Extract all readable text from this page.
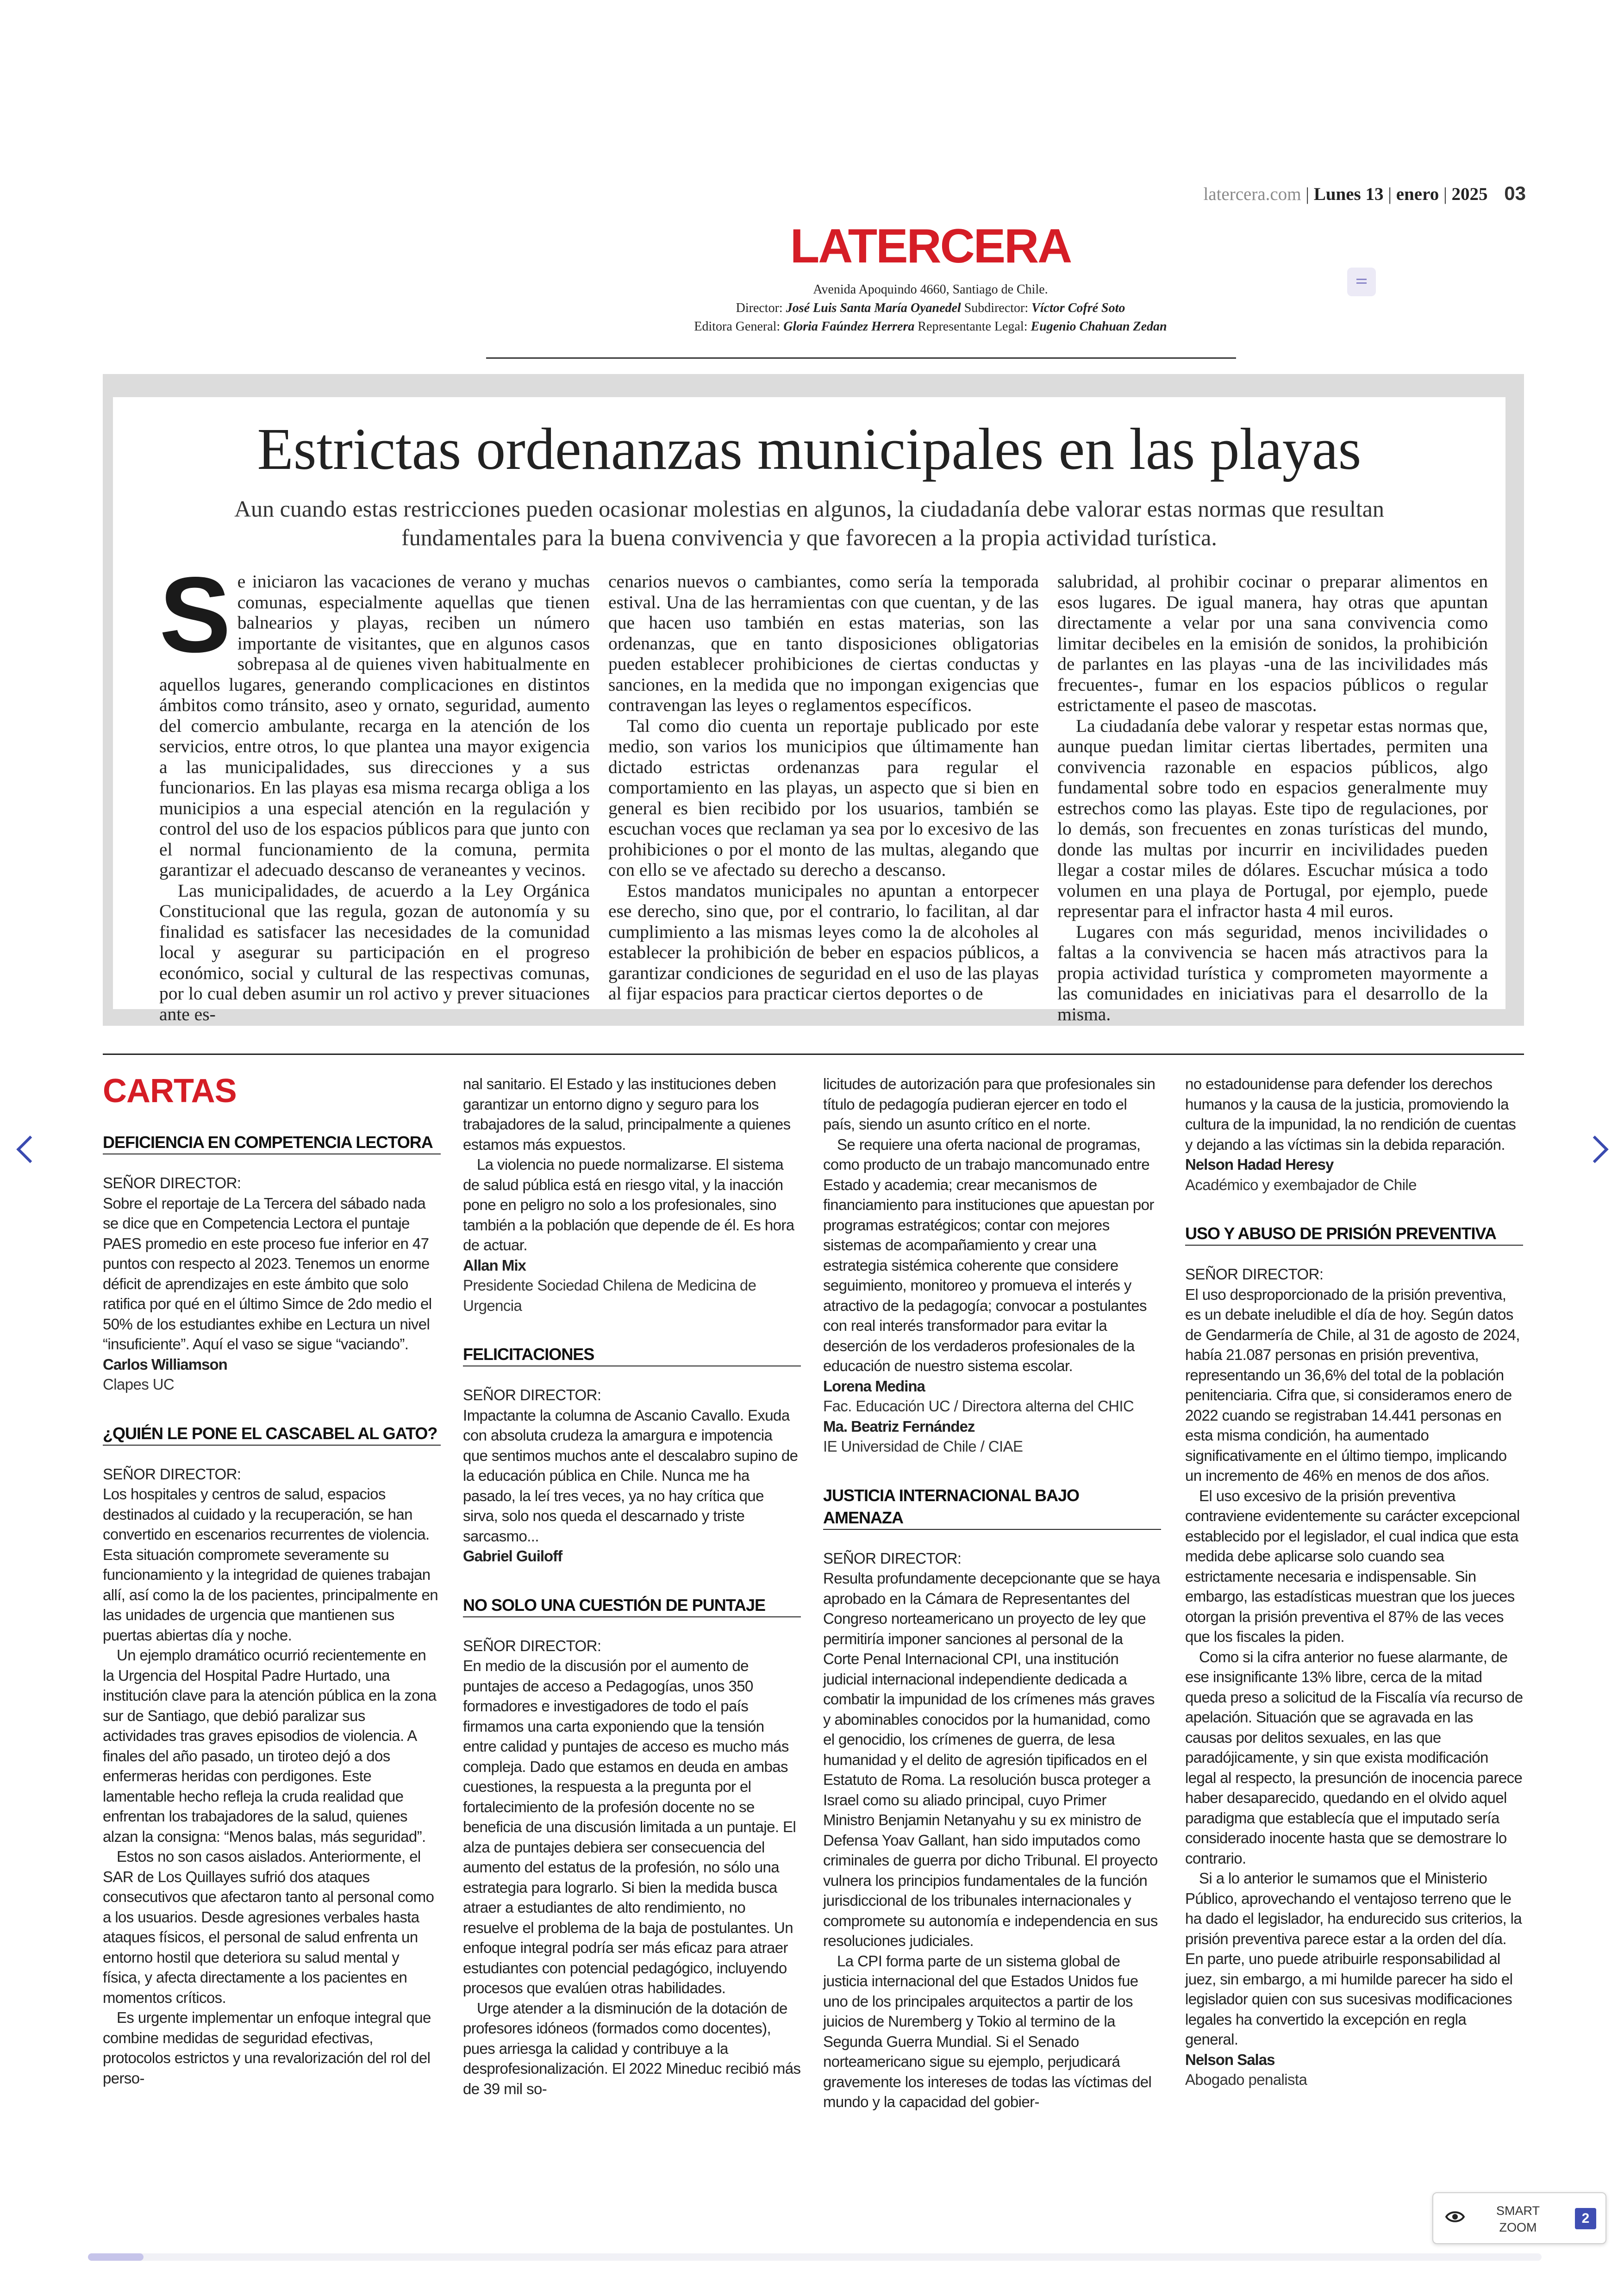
latercera.com | Lunes 13 | enero | 2025 03
LATERCERA
Avenida Apoquindo 4660, Santiago de Chile.
Director: José Luis Santa María Oyanedel Subdirector: Víctor Cofré Soto
Editora General: Gloria Faúndez Herrera Representante Legal: Eugenio Chahuan Zedan
Estrictas ordenanzas municipales en las playas
Aun cuando estas restricciones pueden ocasionar molestias en algunos, la ciudadanía debe valorar estas normas que resultan fundamentales para la buena convivencia y que favorecen a la propia actividad turística.
S e iniciaron las vacaciones de verano y muchas comunas, especialmente aquellas que tienen balnearios y playas, reciben un número importante de visitantes, que en algunos casos sobrepasa al de quienes viven habitualmente en aquellos lugares, generando complicaciones en distintos ámbitos como tránsito, aseo y ornato, seguridad, aumento del comercio ambulante, recarga en la atención de los servicios, entre otros, lo que plantea una mayor exigencia a las municipalidades, sus direcciones y a sus funcionarios. En las playas esa misma recarga obliga a los municipios a una especial atención en la regulación y control del uso de los espacios públicos para que junto con el normal funcionamiento de la comuna, permita garantizar el adecuado descanso de veraneantes y vecinos.

Las municipalidades, de acuerdo a la Ley Orgánica Constitucional que las regula, gozan de autonomía y su finalidad es satisfacer las necesidades de la comunidad local y asegurar su participación en el progreso económico, social y cultural de las respectivas comunas, por lo cual deben asumir un rol activo y prever situaciones ante es-

cenarios nuevos o cambiantes, como sería la temporada estival. Una de las herramientas con que cuentan, y de las que hacen uso también en estas materias, son las ordenanzas, que en tanto disposiciones obligatorias pueden establecer prohibiciones de ciertas conductas y sanciones, en la medida que no impongan exigencias que contravengan las leyes o reglamentos específicos.

Tal como dio cuenta un reportaje publicado por este medio, son varios los municipios que últimamente han dictado estrictas ordenanzas para regular el comportamiento en las playas, un aspecto que si bien en general es bien recibido por los usuarios, también se escuchan voces que reclaman ya sea por lo excesivo de las prohibiciones o por el monto de las multas, alegando que con ello se ve afectado su derecho a descanso.

Estos mandatos municipales no apuntan a entorpecer ese derecho, sino que, por el contrario, lo facilitan, al dar cumplimiento a las mismas leyes como la de alcoholes al establecer la prohibición de beber en espacios públicos, a garantizar condiciones de seguridad en el uso de las playas al fijar espacios para practicar ciertos deportes o de

salubridad, al prohibir cocinar o preparar alimentos en esos lugares. De igual manera, hay otras que apuntan directamente a velar por una sana convivencia como limitar decibeles en la emisión de sonidos, la prohibición de parlantes en las playas -una de las incivilidades más frecuentes-, fumar en los espacios públicos o regular estrictamente el paseo de mascotas.

La ciudadanía debe valorar y respetar estas normas que, aunque puedan limitar ciertas libertades, permiten una convivencia razonable en espacios públicos, algo fundamental sobre todo en espacios generalmente muy estrechos como las playas. Este tipo de regulaciones, por lo demás, son frecuentes en zonas turísticas del mundo, donde las multas por incurrir en incivilidades pueden llegar a costar miles de dólares. Escuchar música a todo volumen en una playa de Portugal, por ejemplo, puede representar para el infractor hasta 4 mil euros.

Lugares con más seguridad, menos incivilidades o faltas a la convivencia se hacen más atractivos para la propia actividad turística y comprometen mayormente a las comunidades en iniciativas para el desarrollo de la misma.

CARTAS
DEFICIENCIA EN COMPETENCIA LECTORA

SEÑOR DIRECTOR:

Sobre el reportaje de La Tercera del sábado nada se dice que en Competencia Lectora el puntaje PAES promedio en este proceso fue inferior en 47 puntos con respecto al 2023. Tenemos un enorme déficit de aprendizajes en este ámbito que solo ratifica por qué en el último Simce de 2do medio el 50% de los estudiantes exhibe en Lectura un nivel “insuficiente”. Aquí el vaso se sigue “vaciando”.

Carlos Williamson

Clapes UC

¿QUIÉN LE PONE EL CASCABEL AL GATO?

SEÑOR DIRECTOR:

Los hospitales y centros de salud, espacios destinados al cuidado y la recuperación, se han convertido en escenarios recurrentes de violencia. Esta situación compromete severamente su funcionamiento y la integridad de quienes trabajan allí, así como la de los pacientes, principalmente en las unidades de urgencia que mantienen sus puertas abiertas día y noche.

Un ejemplo dramático ocurrió recientemente en la Urgencia del Hospital Padre Hurtado, una institución clave para la atención pública en la zona sur de Santiago, que debió paralizar sus actividades tras graves episodios de violencia. A finales del año pasado, un tiroteo dejó a dos enfermeras heridas con perdigones. Este lamentable hecho refleja la cruda realidad que enfrentan los trabajadores de la salud, quienes alzan la consigna: “Menos balas, más seguridad”.

Estos no son casos aislados. Anteriormente, el SAR de Los Quillayes sufrió dos ataques consecutivos que afectaron tanto al personal como a los usuarios. Desde agresiones verbales hasta ataques físicos, el personal de salud enfrenta un entorno hostil que deteriora su salud mental y física, y afecta directamente a los pacientes en momentos críticos.

Es urgente implementar un enfoque integral que combine medidas de seguridad efectivas, protocolos estrictos y una revalorización del rol del perso-

nal sanitario. El Estado y las instituciones deben garantizar un entorno digno y seguro para los trabajadores de la salud, principalmente a quienes estamos más expuestos.

La violencia no puede normalizarse. El sistema de salud pública está en riesgo vital, y la inacción pone en peligro no solo a los profesionales, sino también a la población que depende de él. Es hora de actuar.

Allan Mix

Presidente Sociedad Chilena de Medicina de Urgencia

FELICITACIONES

SEÑOR DIRECTOR:

Impactante la columna de Ascanio Cavallo. Exuda con absoluta crudeza la amargura e impotencia que sentimos muchos ante el descalabro supino de la educación pública en Chile. Nunca me ha pasado, la leí tres veces, ya no hay crítica que sirva, solo nos queda el descarnado y triste sarcasmo...

Gabriel Guiloff

NO SOLO UNA CUESTIÓN DE PUNTAJE

SEÑOR DIRECTOR:

En medio de la discusión por el aumento de puntajes de acceso a Pedagogías, unos 350 formadores e investigadores de todo el país firmamos una carta exponiendo que la tensión entre calidad y puntajes de acceso es mucho más compleja. Dado que estamos en deuda en ambas cuestiones, la respuesta a la pregunta por el fortalecimiento de la profesión docente no se beneficia de una discusión limitada a un puntaje. El alza de puntajes debiera ser consecuencia del aumento del estatus de la profesión, no sólo una estrategia para lograrlo. Si bien la medida busca atraer a estudiantes de alto rendimiento, no resuelve el problema de la baja de postulantes. Un enfoque integral podría ser más eficaz para atraer estudiantes con potencial pedagógico, incluyendo procesos que evalúen otras habilidades.

Urge atender a la disminución de la dotación de profesores idóneos (formados como docentes), pues arriesga la calidad y contribuye a la desprofesionalización. El 2022 Mineduc recibió más de 39 mil so-

licitudes de autorización para que profesionales sin título de pedagogía pudieran ejercer en todo el país, siendo un asunto crítico en el norte.

Se requiere una oferta nacional de programas, como producto de un trabajo mancomunado entre Estado y academia; crear mecanismos de financiamiento para instituciones que apuestan por programas estratégicos; contar con mejores sistemas de acompañamiento y crear una estrategia sistémica coherente que considere seguimiento, monitoreo y promueva el interés y atractivo de la pedagogía; convocar a postulantes con real interés transformador para evitar la deserción de los verdaderos profesionales de la educación de nuestro sistema escolar.

Lorena Medina

Fac. Educación UC / Directora alterna del CHIC

Ma. Beatriz Fernández

IE Universidad de Chile / CIAE

JUSTICIA INTERNACIONAL BAJO AMENAZA

SEÑOR DIRECTOR:

Resulta profundamente decepcionante que se haya aprobado en la Cámara de Representantes del Congreso norteamericano un proyecto de ley que permitiría imponer sanciones al personal de la Corte Penal Internacional CPI, una institución judicial internacional independiente dedicada a combatir la impunidad de los crímenes más graves y abominables conocidos por la humanidad, como el genocidio, los crímenes de guerra, de lesa humanidad y el delito de agresión tipificados en el Estatuto de Roma. La resolución busca proteger a Israel como su aliado principal, cuyo Primer Ministro Benjamin Netanyahu y su ex ministro de Defensa Yoav Gallant, han sido imputados como criminales de guerra por dicho Tribunal. El proyecto vulnera los principios fundamentales de la función jurisdiccional de los tribunales internacionales y compromete su autonomía e independencia en sus resoluciones judiciales.

La CPI forma parte de un sistema global de justicia internacional del que Estados Unidos fue uno de los principales arquitectos a partir de los juicios de Nuremberg y Tokio al termino de la Segunda Guerra Mundial. Si el Senado norteamericano sigue su ejemplo, perjudicará gravemente los intereses de todas las víctimas del mundo y la capacidad del gobier-

no estadounidense para defender los derechos humanos y la causa de la justicia, promoviendo la cultura de la impunidad, la no rendición de cuentas y dejando a las víctimas sin la debida reparación.

Nelson Hadad Heresy

Académico y exembajador de Chile

USO Y ABUSO DE PRISIÓN PREVENTIVA

SEÑOR DIRECTOR:

El uso desproporcionado de la prisión preventiva, es un debate ineludible el día de hoy. Según datos de Gendarmería de Chile, al 31 de agosto de 2024, había 21.087 personas en prisión preventiva, representando un 36,6% del total de la población penitenciaria. Cifra que, si consideramos enero de 2022 cuando se registraban 14.441 personas en esta misma condición, ha aumentado significativamente en el último tiempo, implicando un incremento de 46% en menos de dos años.

El uso excesivo de la prisión preventiva contraviene evidentemente su carácter excepcional establecido por el legislador, el cual indica que esta medida debe aplicarse solo cuando sea estrictamente necesaria e indispensable. Sin embargo, las estadísticas muestran que los jueces otorgan la prisión preventiva el 87% de las veces que los fiscales la piden.

Como si la cifra anterior no fuese alarmante, de ese insignificante 13% libre, cerca de la mitad queda preso a solicitud de la Fiscalía vía recurso de apelación. Situación que se agravada en las causas por delitos sexuales, en las que paradójicamente, y sin que exista modificación legal al respecto, la presunción de inocencia parece haber desaparecido, quedando en el olvido aquel paradigma que establecía que el imputado sería considerado inocente hasta que se demostrare lo contrario.

Si a lo anterior le sumamos que el Ministerio Público, aprovechando el ventajoso terreno que le ha dado el legislador, ha endurecido sus criterios, la prisión preventiva parece estar a la orden del día. En parte, uno puede atribuirle responsabilidad al juez, sin embargo, a mi humilde parecer ha sido el legislador quien con sus sucesivas modificaciones legales ha convertido la excepción en regla general.

Nelson Salas

Abogado penalista

SMART
ZOOM
2
